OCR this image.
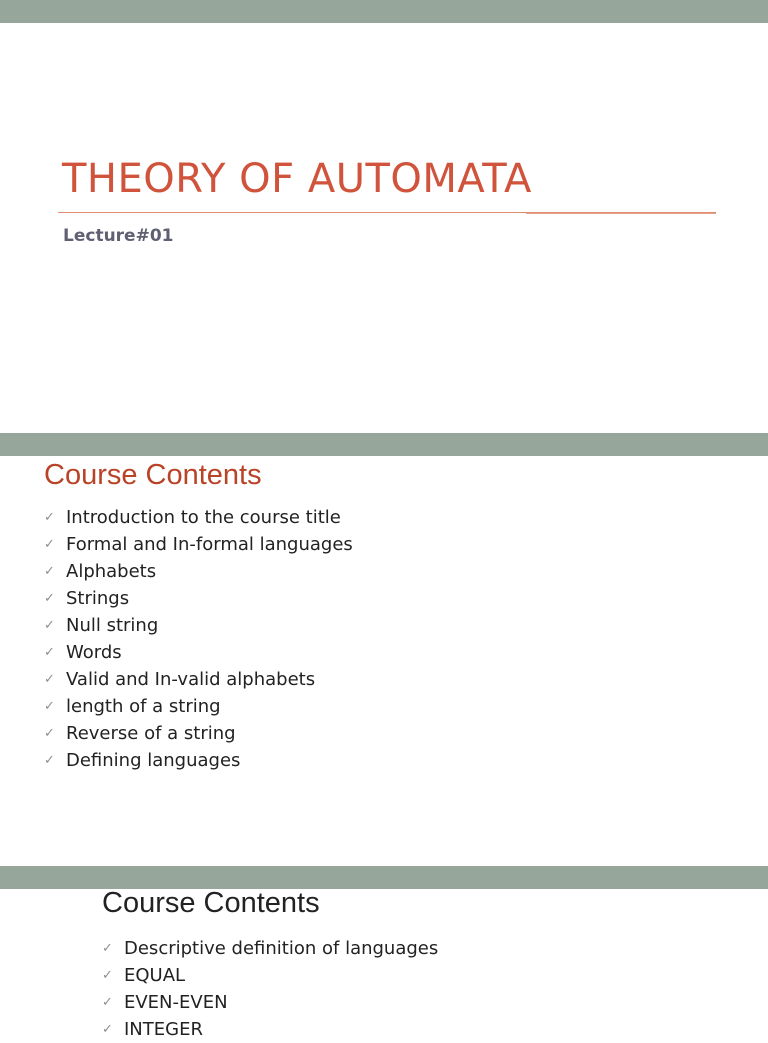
THEORY OF AUTOMATA
Lecture#01
Course Contents
✓ Introduction to the course title
✓ Formal and In-formal languages
✓ Alphabets
✓ Strings
✓ Null string
✓ Words
✓ Valid and In-valid alphabets
✓ length of a string
✓ Reverse of a string
✓ Defining languages
Course Contents
✓ Descriptive definition of languages
✓ EQUAL
✓ EVEN-EVEN
✓ INTEGER
